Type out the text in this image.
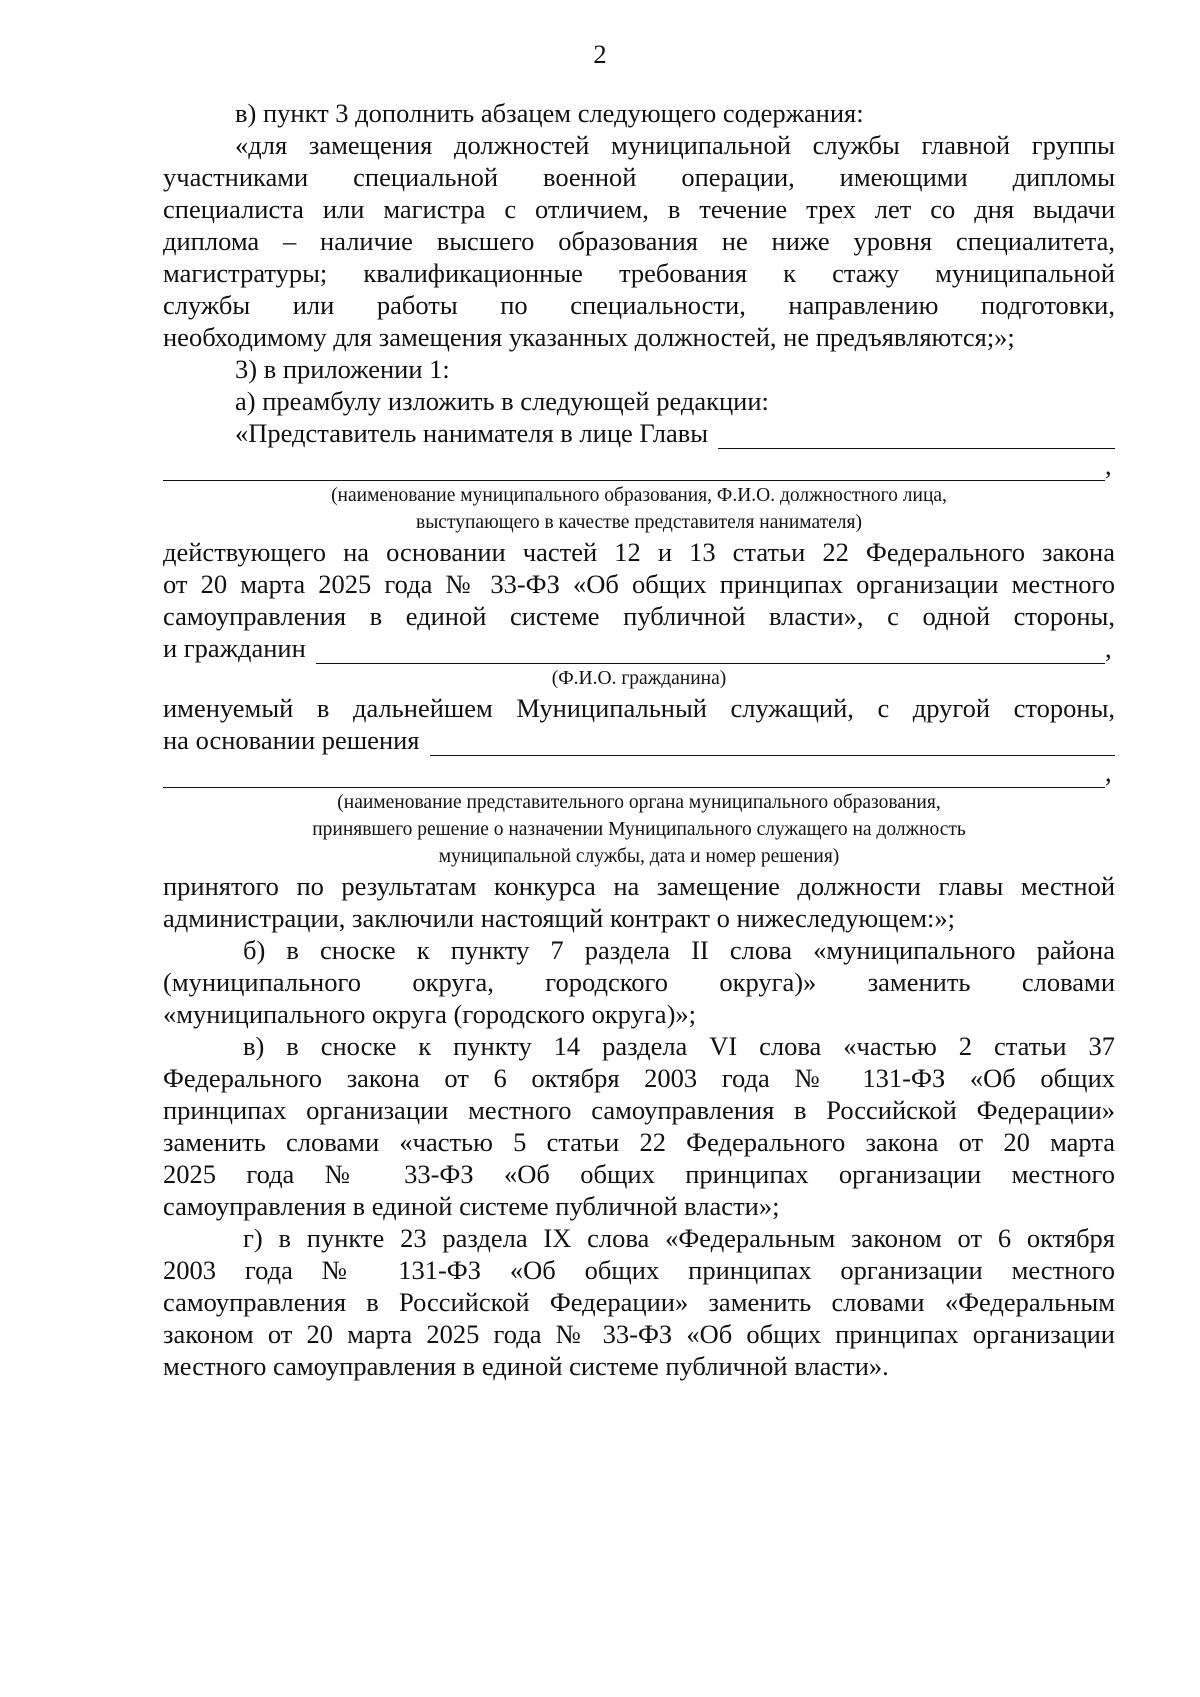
2
в) пункт 3 дополнить абзацем следующего содержания:
«для замещения должностей муниципальной службы главной группы
участниками специальной военной операции, имеющими дипломы
специалиста или магистра с отличием, в течение трех лет со дня выдачи
диплома – наличие высшего образования не ниже уровня специалитета,
магистратуры; квалификационные требования к стажу муниципальной
службы или работы по специальности, направлению подготовки,
необходимому для замещения указанных должностей, не предъявляются;»;
3) в приложении 1:
а) преамбулу изложить в следующей редакции:
«Представитель нанимателя в лице Главы
,
(наименование муниципального образования, Ф.И.О. должностного лица,
выступающего в качестве представителя нанимателя)
действующего на основании частей 12 и 13 статьи 22 Федерального закона
от 20 марта 2025 года № 33-ФЗ «Об общих принципах организации местного
самоуправления в единой системе публичной власти», с одной стороны,
и гражданин	,
(Ф.И.О. гражданина)
именуемый в дальнейшем Муниципальный служащий, с другой стороны,
на основании решения
,
(наименование представительного органа муниципального образования,
принявшего решение о назначении Муниципального служащего на должность
муниципальной службы, дата и номер решения)
принятого по результатам конкурса на замещение должности главы местной
администрации, заключили настоящий контракт о нижеследующем:»;
б) в сноске к пункту 7 раздела II слова «муниципального района
(муниципального округа, городского округа)» заменить словами
«муниципального округа (городского округа)»;
в) в сноске к пункту 14 раздела VI слова «частью 2 статьи 37
Федерального закона от 6 октября 2003 года № 131-ФЗ «Об общих
принципах организации местного самоуправления в Российской Федерации»
заменить словами «частью 5 статьи 22 Федерального закона от 20 марта
2025 года № 33-ФЗ «Об общих принципах организации местного
самоуправления в единой системе публичной власти»;
г) в пункте 23 раздела IX слова «Федеральным законом от 6 октября
2003 года № 131-ФЗ «Об общих принципах организации местного
самоуправления в Российской Федерации» заменить словами «Федеральным
законом от 20 марта 2025 года № 33-ФЗ «Об общих принципах организации
местного самоуправления в единой системе публичной власти».
